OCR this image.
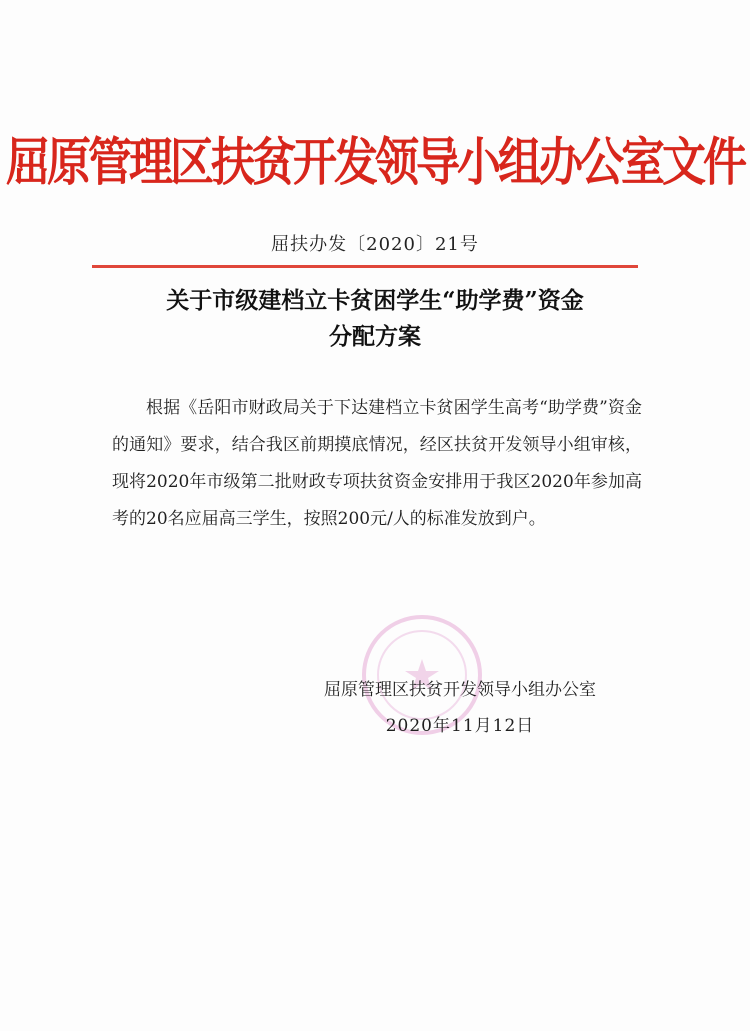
屈原管理区扶贫开发领导小组办公室文件
屈扶办发〔2020〕21号
关于市级建档立卡贫困学生“助学费”资金
分配方案
根据《岳阳市财政局关于下达建档立卡贫困学生高考“助学费”资金的通知》要求，结合我区前期摸底情况，经区扶贫开发领导小组审核，现将2020年市级第二批财政专项扶贫资金安排用于我区2020年参加高考的20名应届高三学生，按照200元/人的标准发放到户。
屈原管理区扶贫开发领导小组办公室
2020年11月12日
